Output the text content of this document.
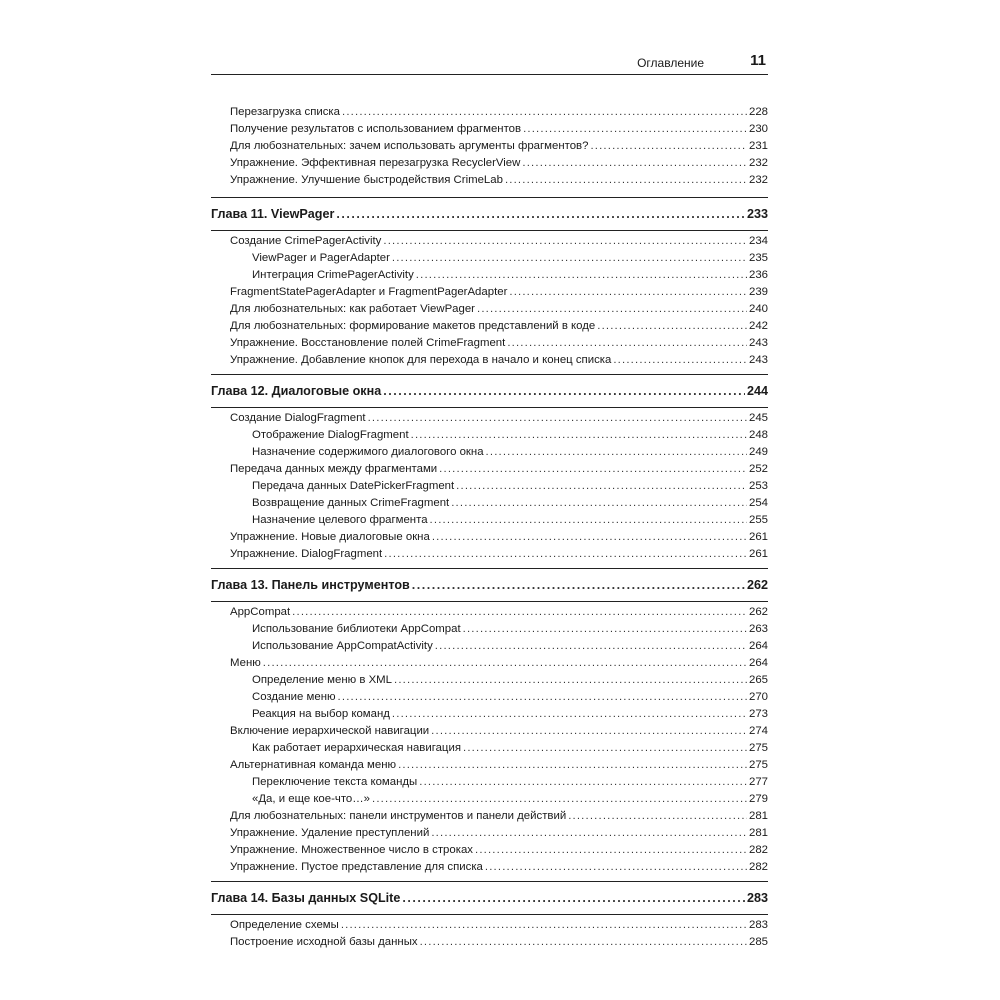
Оглавление	11
Перезагрузка списка . . .	228
Получение результатов с использованием фрагментов . . .	230
Для любознательных: зачем использовать аргументы фрагментов? . . .	231
Упражнение. Эффективная перезагрузка RecyclerView . . .	232
Упражнение. Улучшение быстродействия CrimeLab . . .	232
Глава 11. ViewPager . . .	233
Создание CrimePagerActivity . . .	234
ViewPager и PagerAdapter . . .	235
Интеграция CrimePagerActivity . . .	236
FragmentStatePagerAdapter и FragmentPagerAdapter . . .	239
Для любознательных: как работает ViewPager . . .	240
Для любознательных: формирование макетов представлений в коде . . .	242
Упражнение. Восстановление полей CrimeFragment . . .	243
Упражнение. Добавление кнопок для перехода в начало и конец списка . . .	243
Глава 12. Диалоговые окна . . .	244
Создание DialogFragment . . .	245
Отображение DialogFragment . . .	248
Назначение содержимого диалогового окна . . .	249
Передача данных между фрагментами . . .	252
Передача данных DatePickerFragment . . .	253
Возвращение данных CrimeFragment . . .	254
Назначение целевого фрагмента . . .	255
Упражнение. Новые диалоговые окна . . .	261
Упражнение. DialogFragment . . .	261
Глава 13. Панель инструментов . . .	262
AppCompat . . .	262
Использование библиотеки AppCompat . . .	263
Использование AppCompatActivity . . .	264
Меню . . .	264
Определение меню в XML . . .	265
Создание меню . . .	270
Реакция на выбор команд . . .	273
Включение иерархической навигации . . .	274
Как работает иерархическая навигация . . .	275
Альтернативная команда меню . . .	275
Переключение текста команды . . .	277
«Да, и еще кое-что…» . . .	279
Для любознательных: панели инструментов и панели действий . . .	281
Упражнение. Удаление преступлений . . .	281
Упражнение. Множественное число в строках . . .	282
Упражнение. Пустое представление для списка . . .	282
Глава 14. Базы данных SQLite . . .	283
Определение схемы . . .	283
Построение исходной базы данных . . .	285
